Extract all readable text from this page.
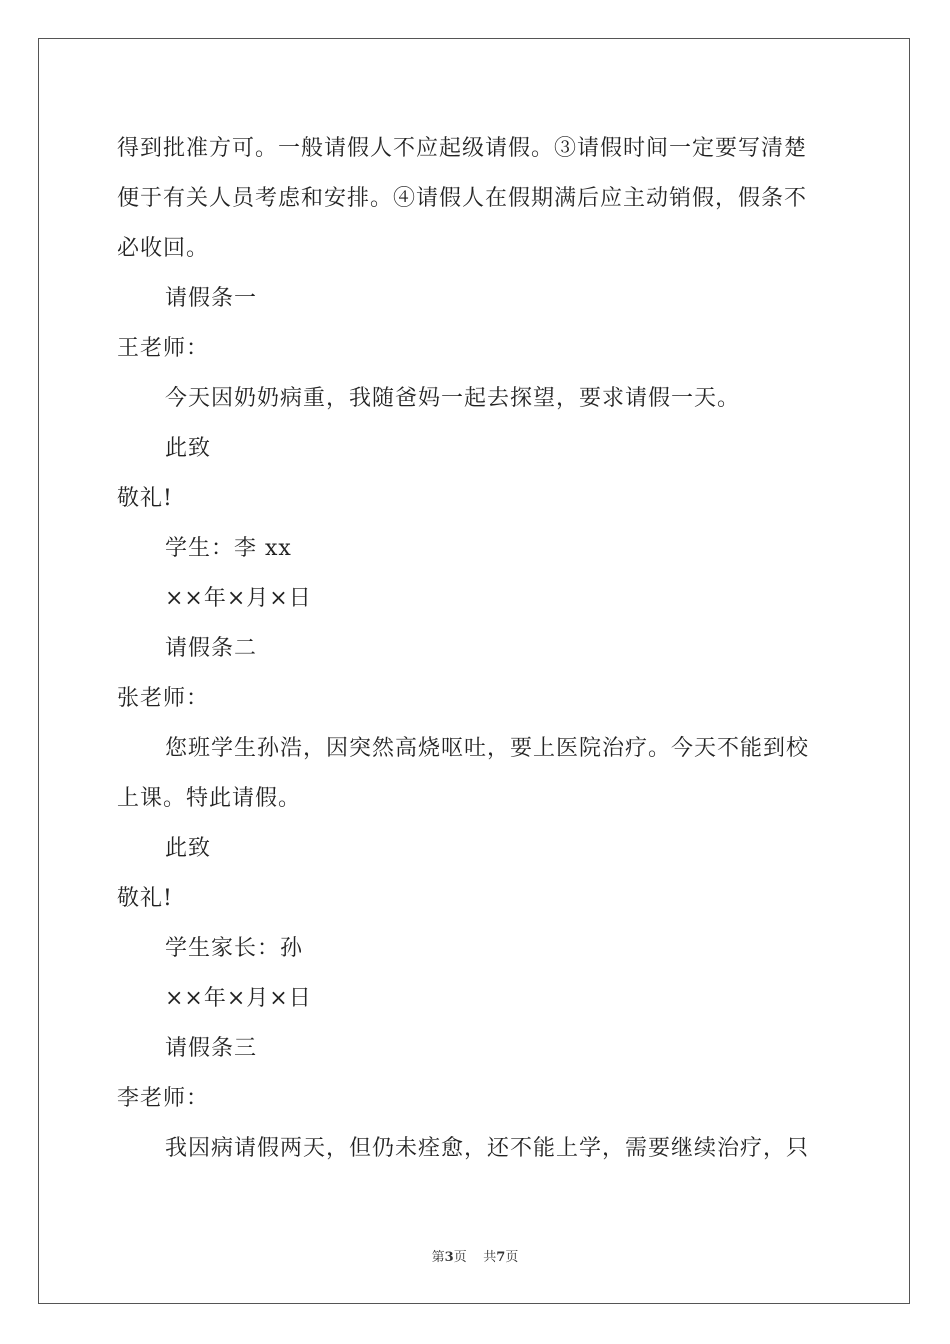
得到批准方可。一般请假人不应起级请假。③请假时间一定要写清楚
便于有关人员考虑和安排。④请假人在假期满后应主动销假，假条不
必收回。
请假条一
王老师：
今天因奶奶病重，我随爸妈一起去探望，要求请假一天。
此致
敬礼!
学生：李 xx
××年×月×日
请假条二
张老师：
您班学生孙浩，因突然高烧呕吐，要上医院治疗。今天不能到校
上课。特此请假。
此致
敬礼!
学生家长：孙
××年×月×日
请假条三
李老师：
我因病请假两天，但仍未痊愈，还不能上学，需要继续治疗，只
第3页 共7页
